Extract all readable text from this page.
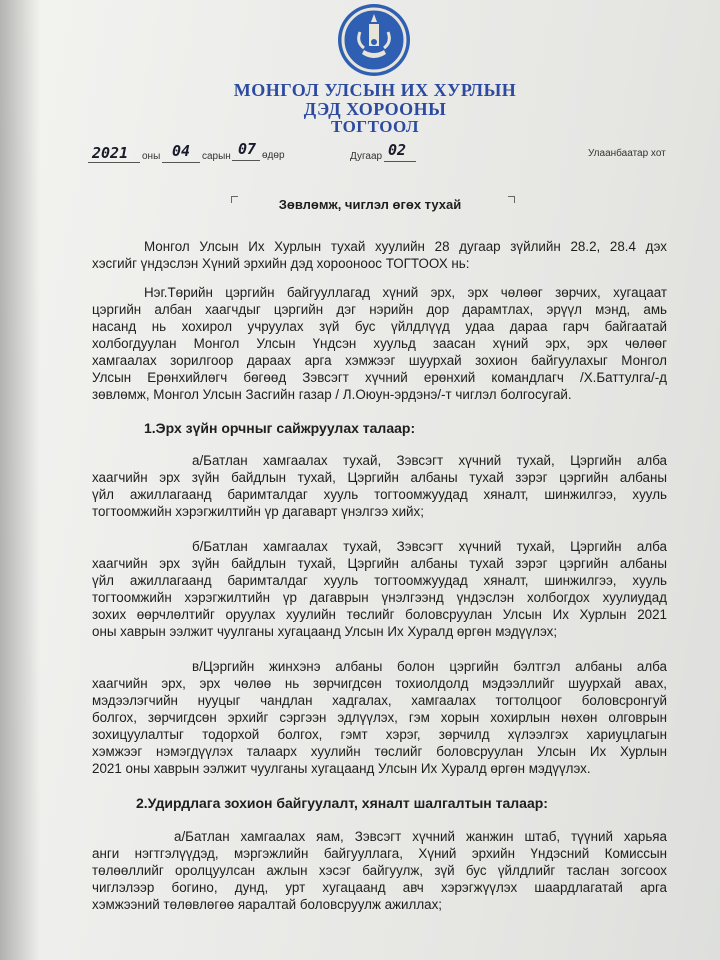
МОНГОЛ УЛСЫН ИХ ХУРЛЫН
ДЭД ХОРООНЫ
ТОГТООЛ
2021 оны 04 сарын 07 өдөр	Дугаар 02	Улаанбаатар хот
Зөвлөмж, чиглэл өгөх тухай
Монгол Улсын Их Хурлын тухай хуулийн 28 дугаар зүйлийн 28.2, 28.4 дэх
хэсгийг үндэслэн Хүний эрхийн дэд хорооноос ТОГТООХ нь:
Нэг.Төрийн цэргийн байгууллагад хүний эрх, эрх чөлөөг зөрчих, хугацаат
цэргийн албан хаагчдыг цэргийн дэг нэрийн дор дарамтлах, эрүүл мэнд, амь
насанд нь хохирол учруулах зүй бус үйлдлүүд удаа дараа гарч байгаатай
холбогдуулан Монгол Улсын Үндсэн хуульд заасан хүний эрх, эрх чөлөөг
хамгаалах зорилгоор дараах арга хэмжээг шуурхай зохион байгуулахыг Монгол
Улсын Ерөнхийлөгч бөгөөд Зэвсэгт хүчний ерөнхий командлагч /Х.Баттулга/-д
зөвлөмж, Монгол Улсын Засгийн газар / Л.Оюун-эрдэнэ/-т чиглэл болгосугай.
1.Эрх зүйн орчныг сайжруулах талаар:
а/Батлан хамгаалах тухай, Зэвсэгт хүчний тухай, Цэргийн алба
хаагчийн эрх зүйн байдлын тухай, Цэргийн албаны тухай зэрэг цэргийн албаны
үйл ажиллагаанд баримталдаг хууль тогтоомжуудад хяналт, шинжилгээ, хууль
тогтоомжийн хэрэгжилтийн үр дагаварт үнэлгээ хийх;
б/Батлан хамгаалах тухай, Зэвсэгт хүчний тухай, Цэргийн алба
хаагчийн эрх зүйн байдлын тухай, Цэргийн албаны тухай зэрэг цэргийн албаны
үйл ажиллагаанд баримталдаг хууль тогтоомжуудад хяналт, шинжилгээ, хууль
тогтоомжийн хэрэгжилтийн үр дагаврын үнэлгээнд үндэслэн холбогдох хуулиудад
зохих өөрчлөлтийг оруулах хуулийн төслийг боловсруулан Улсын Их Хурлын 2021
оны хаврын ээлжит чуулганы хугацаанд Улсын Их Хуралд өргөн мэдүүлэх;
в/Цэргийн жинхэнэ албаны болон цэргийн бэлтгэл албаны алба
хаагчийн эрх, эрх чөлөө нь зөрчигдсөн тохиолдолд мэдээллийг шуурхай авах,
мэдээлэгчийн нууцыг чандлан хадгалах, хамгаалах тогтолцоог боловсронгуй
болгох, зөрчигдсөн эрхийг сэргээн эдлүүлэх, гэм хорын хохирлын нөхөн олговрын
зохицуулалтыг тодорхой болгох, гэмт хэрэг, зөрчилд хүлээлгэх хариуцлагын
хэмжээг нэмэгдүүлэх талаарх хуулийн төслийг боловсруулан Улсын Их Хурлын
2021 оны хаврын ээлжит чуулганы хугацаанд Улсын Их Хуралд өргөн мэдүүлэх.
2.Удирдлага зохион байгуулалт, хяналт шалгалтын талаар:
а/Батлан хамгаалах яам, Зэвсэгт хүчний жанжин штаб, түүний харьяа
анги нэгтгэлүүдэд, мэргэжлийн байгууллага, Хүний эрхийн Үндэсний Комиссын
төлөөллийг оролцуулсан ажлын хэсэг байгуулж, зүй бус үйлдлийг таслан зогсоох
чиглэлээр богино, дунд, урт хугацаанд авч хэрэгжүүлэх шаардлагатай арга
хэмжээний төлөвлөгөө яаралтай боловсруулж ажиллах;
